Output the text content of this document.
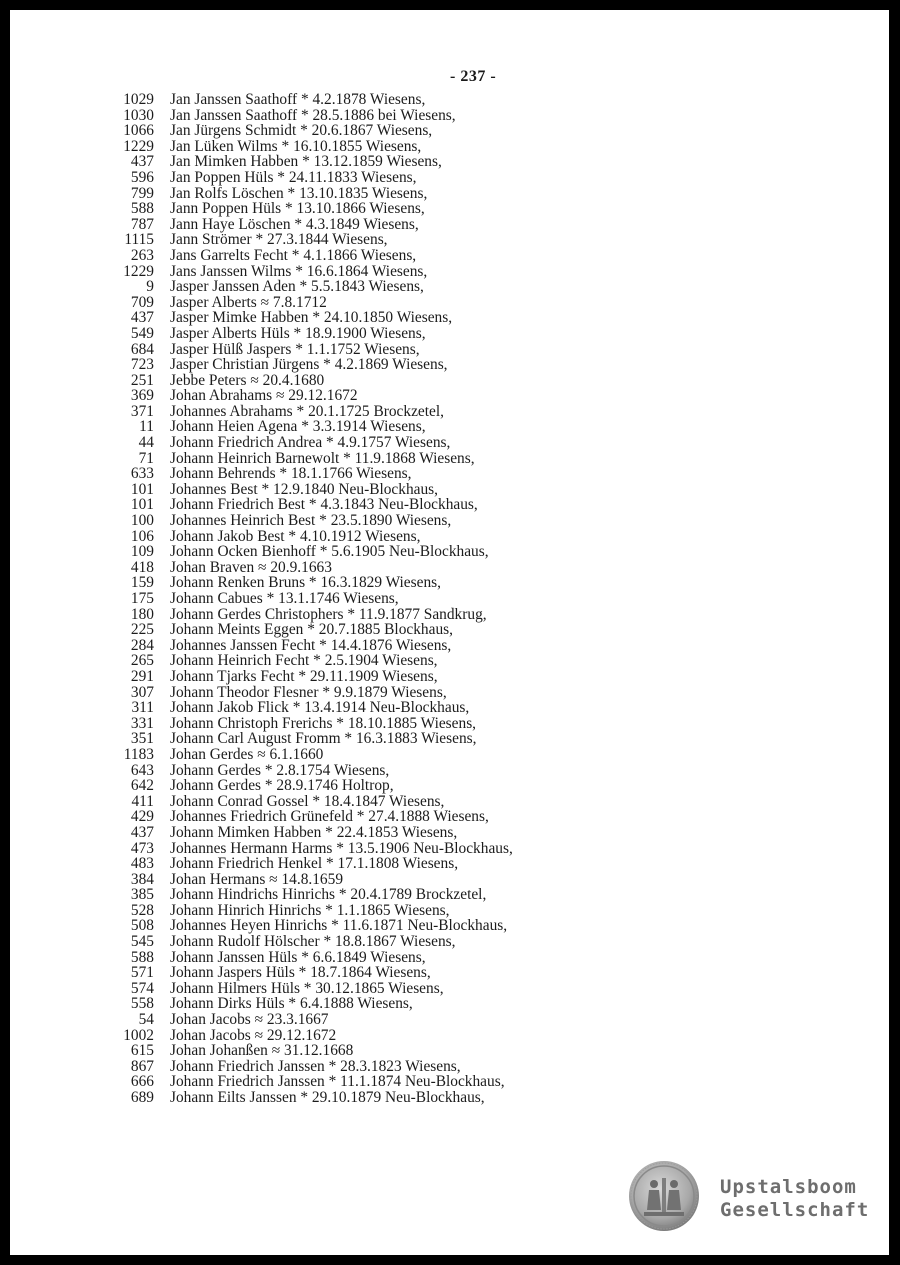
- 237 -
1029 Jan Janssen Saathoff * 4.2.1878 Wiesens,
1030 Jan Janssen Saathoff * 28.5.1886 bei Wiesens,
1066 Jan Jürgens Schmidt * 20.6.1867 Wiesens,
1229 Jan Lüken Wilms * 16.10.1855 Wiesens,
437 Jan Mimken Habben * 13.12.1859 Wiesens,
596 Jan Poppen Hüls * 24.11.1833 Wiesens,
799 Jan Rolfs Löschen * 13.10.1835 Wiesens,
588 Jann Poppen Hüls * 13.10.1866 Wiesens,
787 Jann Haye Löschen * 4.3.1849 Wiesens,
1115 Jann Strömer * 27.3.1844 Wiesens,
263 Jans Garrelts Fecht * 4.1.1866 Wiesens,
1229 Jans Janssen Wilms * 16.6.1864 Wiesens,
9 Jasper Janssen Aden * 5.5.1843 Wiesens,
709 Jasper Alberts ≈ 7.8.1712
437 Jasper Mimke Habben * 24.10.1850 Wiesens,
549 Jasper Alberts Hüls * 18.9.1900 Wiesens,
684 Jasper Hülß Jaspers * 1.1.1752 Wiesens,
723 Jasper Christian Jürgens * 4.2.1869 Wiesens,
251 Jebbe Peters ≈ 20.4.1680
369 Johan Abrahams ≈ 29.12.1672
371 Johannes Abrahams * 20.1.1725 Brockzetel,
11 Johann Heien Agena * 3.3.1914 Wiesens,
44 Johann Friedrich Andrea * 4.9.1757 Wiesens,
71 Johann Heinrich Barnewolt * 11.9.1868 Wiesens,
633 Johann Behrends * 18.1.1766 Wiesens,
101 Johannes Best * 12.9.1840 Neu-Blockhaus,
101 Johann Friedrich Best * 4.3.1843 Neu-Blockhaus,
100 Johannes Heinrich Best * 23.5.1890 Wiesens,
106 Johann Jakob Best * 4.10.1912 Wiesens,
109 Johann Ocken Bienhoff * 5.6.1905 Neu-Blockhaus,
418 Johan Braven ≈ 20.9.1663
159 Johann Renken Bruns * 16.3.1829 Wiesens,
175 Johann Cabues * 13.1.1746 Wiesens,
180 Johann Gerdes Christophers * 11.9.1877 Sandkrug,
225 Johann Meints Eggen * 20.7.1885 Blockhaus,
284 Johannes Janssen Fecht * 14.4.1876 Wiesens,
265 Johann Heinrich Fecht * 2.5.1904 Wiesens,
291 Johann Tjarks Fecht * 29.11.1909 Wiesens,
307 Johann Theodor Flesner * 9.9.1879 Wiesens,
311 Johann Jakob Flick * 13.4.1914 Neu-Blockhaus,
331 Johann Christoph Frerichs * 18.10.1885 Wiesens,
351 Johann Carl August Fromm * 16.3.1883 Wiesens,
1183 Johan Gerdes ≈ 6.1.1660
643 Johann Gerdes * 2.8.1754 Wiesens,
642 Johann Gerdes * 28.9.1746 Holtrop,
411 Johann Conrad Gossel * 18.4.1847 Wiesens,
429 Johannes Friedrich Grünefeld * 27.4.1888 Wiesens,
437 Johann Mimken Habben * 22.4.1853 Wiesens,
473 Johannes Hermann Harms * 13.5.1906 Neu-Blockhaus,
483 Johann Friedrich Henkel * 17.1.1808 Wiesens,
384 Johan Hermans ≈ 14.8.1659
385 Johann Hindrichs Hinrichs * 20.4.1789 Brockzetel,
528 Johann Hinrich Hinrichs * 1.1.1865 Wiesens,
508 Johannes Heyen Hinrichs * 11.6.1871 Neu-Blockhaus,
545 Johann Rudolf Hölscher * 18.8.1867 Wiesens,
588 Johann Janssen Hüls * 6.6.1849 Wiesens,
571 Johann Jaspers Hüls * 18.7.1864 Wiesens,
574 Johann Hilmers Hüls * 30.12.1865 Wiesens,
558 Johann Dirks Hüls * 6.4.1888 Wiesens,
54 Johan Jacobs ≈ 23.3.1667
1002 Johan Jacobs ≈ 29.12.1672
615 Johan Johanßen ≈ 31.12.1668
867 Johann Friedrich Janssen * 28.3.1823 Wiesens,
666 Johann Friedrich Janssen * 11.1.1874 Neu-Blockhaus,
689 Johann Eilts Janssen * 29.10.1879 Neu-Blockhaus,
Upstalsboom
Gesellschaft
